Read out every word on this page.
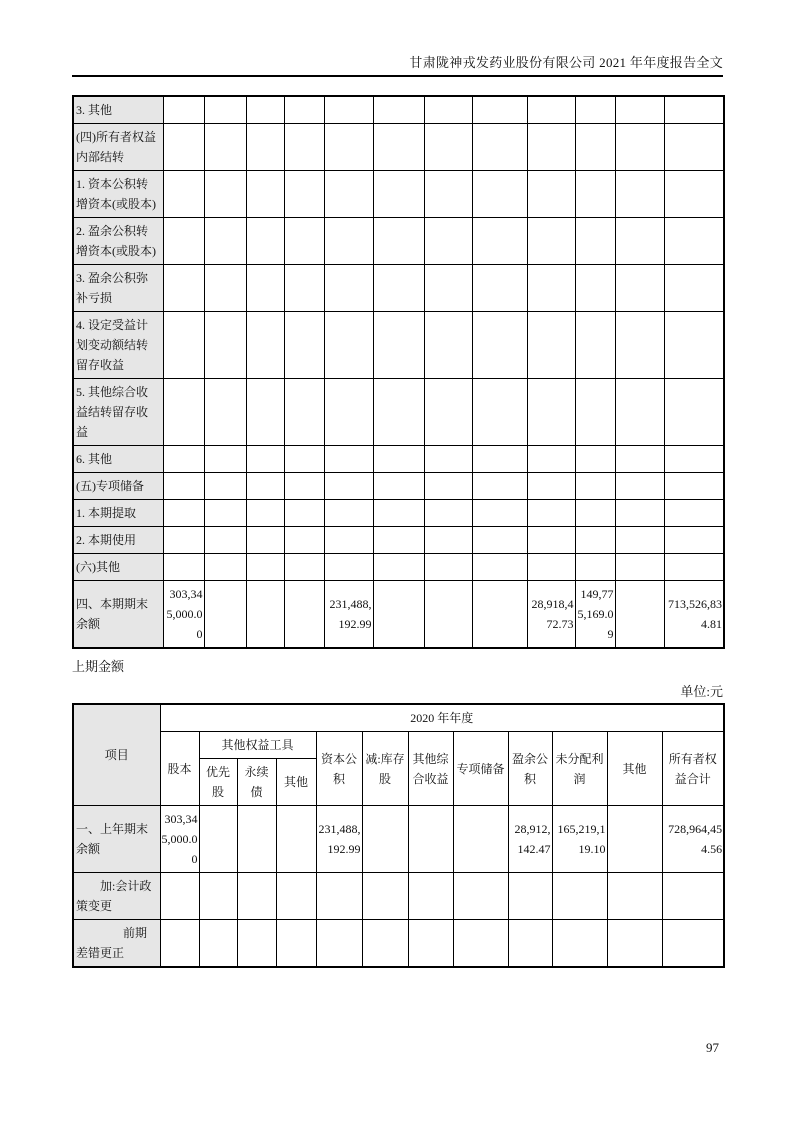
甘肃陇神戎发药业股份有限公司 2021 年年度报告全文
3. 其他												
(四)所有者权益内部结转												
1. 资本公积转增资本(或股本)												
2. 盈余公积转增资本(或股本)												
3. 盈余公积弥补亏损												
4. 设定受益计划变动额结转留存收益												
5. 其他综合收益结转留存收益												
6. 其他												
(五)专项储备												
1. 本期提取												
2. 本期使用												
(六)其他												
四、本期期末余额	303,345,000.00				231,488,192.99				28,918,472.73	149,775,169.09		713,526,834.81
上期金额
单位:元
项目	2020 年年度											
	股本	其他权益工具			资本公积	减:库存股	其他综合收益	专项储备	盈余公积	未分配利润	其他	所有者权益合计
		优先股	永续债	其他								
一、上年期末余额	303,345,000.00				231,488,192.99				28,912,142.47	165,219,119.10		728,964,454.56
加:会计政策变更												
前期差错更正												
97
